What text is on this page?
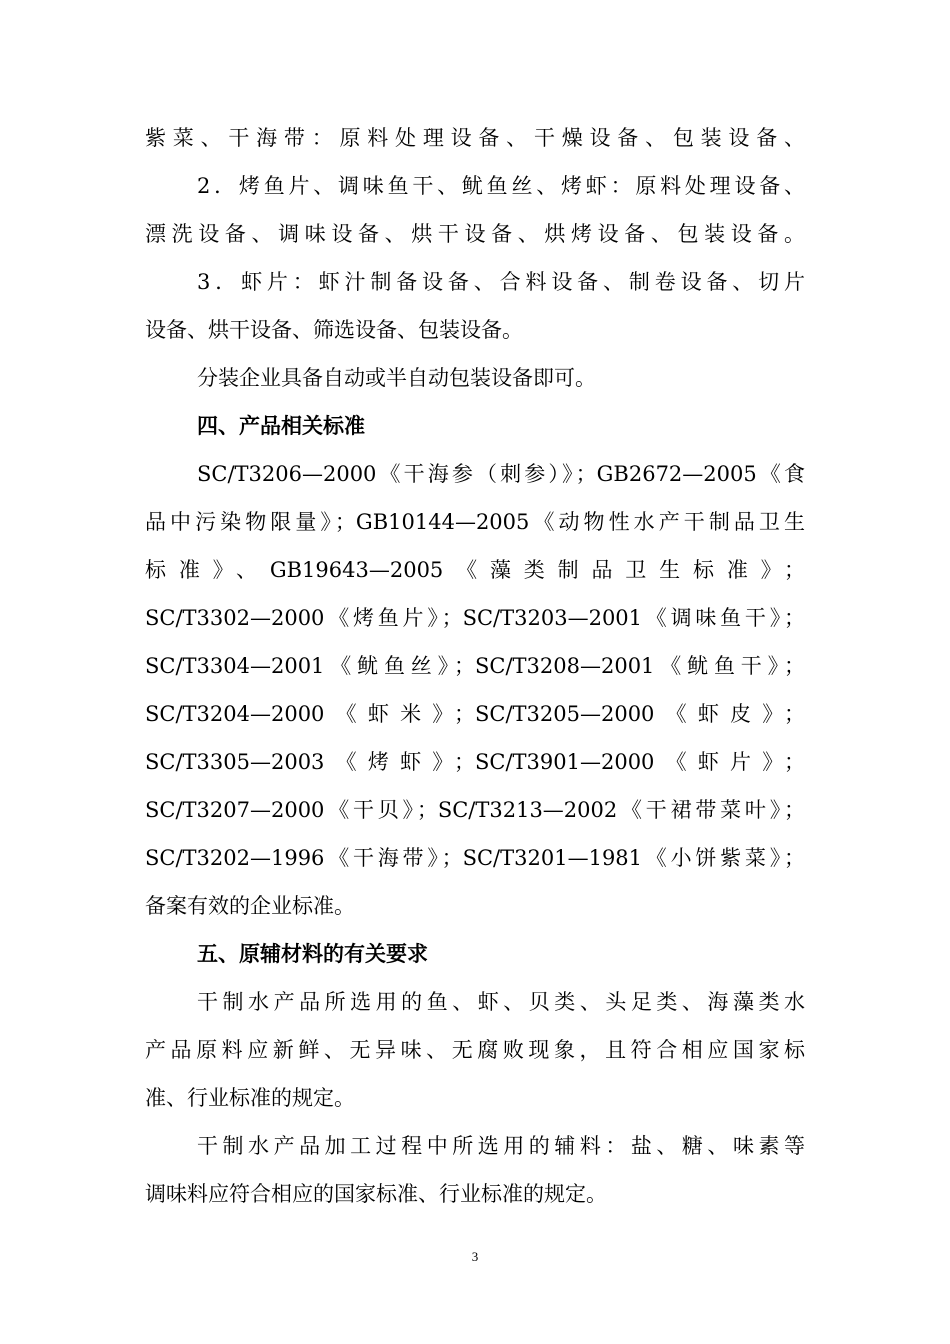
紫菜、干海带：原料处理设备、干燥设备、包装设备、
2．烤鱼片、调味鱼干、鱿鱼丝、烤虾：原料处理设备、
漂洗设备、调味设备、烘干设备、烘烤设备、包装设备。
3．虾片：虾汁制备设备、合料设备、制卷设备、切片
设备、烘干设备、筛选设备、包装设备。
分装企业具备自动或半自动包装设备即可。
四、产品相关标准
SC/T3206—2000《干海参（刺参）》；GB2672—2005《食
品中污染物限量》；GB10144—2005《动物性水产干制品卫生
标准》、GB19643—2005《藻类制品卫生标准》；
SC/T3302—2000《烤鱼片》；SC/T3203—2001《调味鱼干》；
SC/T3304—2001《鱿鱼丝》；SC/T3208—2001《鱿鱼干》；
SC/T3204—2000《虾米》；SC/T3205—2000《虾皮》；
SC/T3305—2003《烤虾》；SC/T3901—2000《虾片》；
SC/T3207—2000《干贝》；SC/T3213—2002《干裙带菜叶》；
SC/T3202—1996《干海带》；SC/T3201—1981《小饼紫菜》；
备案有效的企业标准。
五、原辅材料的有关要求
干制水产品所选用的鱼、虾、贝类、头足类、海藻类水
产品原料应新鲜、无异味、无腐败现象，且符合相应国家标
准、行业标准的规定。
干制水产品加工过程中所选用的辅料：盐、糖、味素等
调味料应符合相应的国家标准、行业标准的规定。
3
